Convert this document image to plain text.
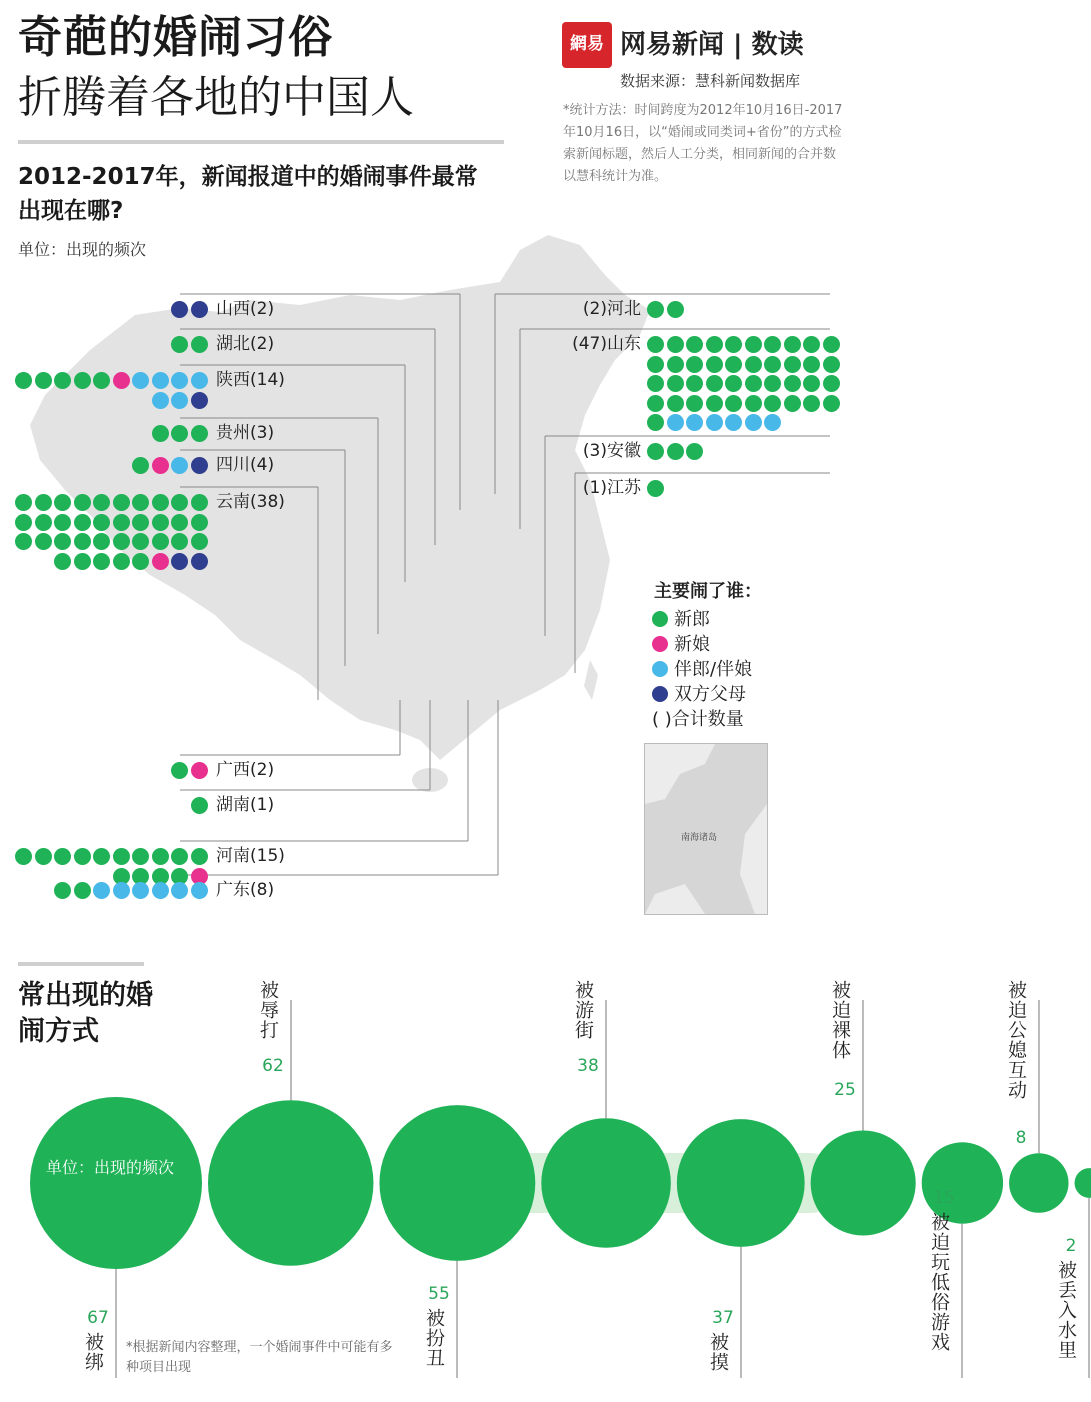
奇葩的婚闹习俗
折腾着各地的中国人
2012-2017年，新闻报道中的婚闹事件最常出现在哪?
单位：出现的频次
網易 网易新闻 | 数读
数据来源：慧科新闻数据库
*统计方法：时间跨度为2012年10月16日-2017年10月16日，以“婚闹或同类词+省份”的方式检索新闻标题，然后人工分类，相同新闻的合并数以慧科统计为准。
山西(2)
湖北(2)
陕西(14)
贵州(3)
四川(4)
云南(38)
广西(2)
湖南(1)
河南(15)
广东(8)
(2)河北
(47)山东
(3)安徽
(1)江苏
主要闹了谁：
新郎
新娘
伴郎/伴娘
双方父母
( )合计数量
南海诸岛
常出现的婚闹方式
67
被绑
被辱打
62
55
被扮丑
被游街
38
37
被摸
被迫裸体
25
15
被迫玩低俗游戏
被迫公媳互动
8
2
被丢入水里
单位：出现的频次
*根据新闻内容整理，一个婚闹事件中可能有多种项目出现
